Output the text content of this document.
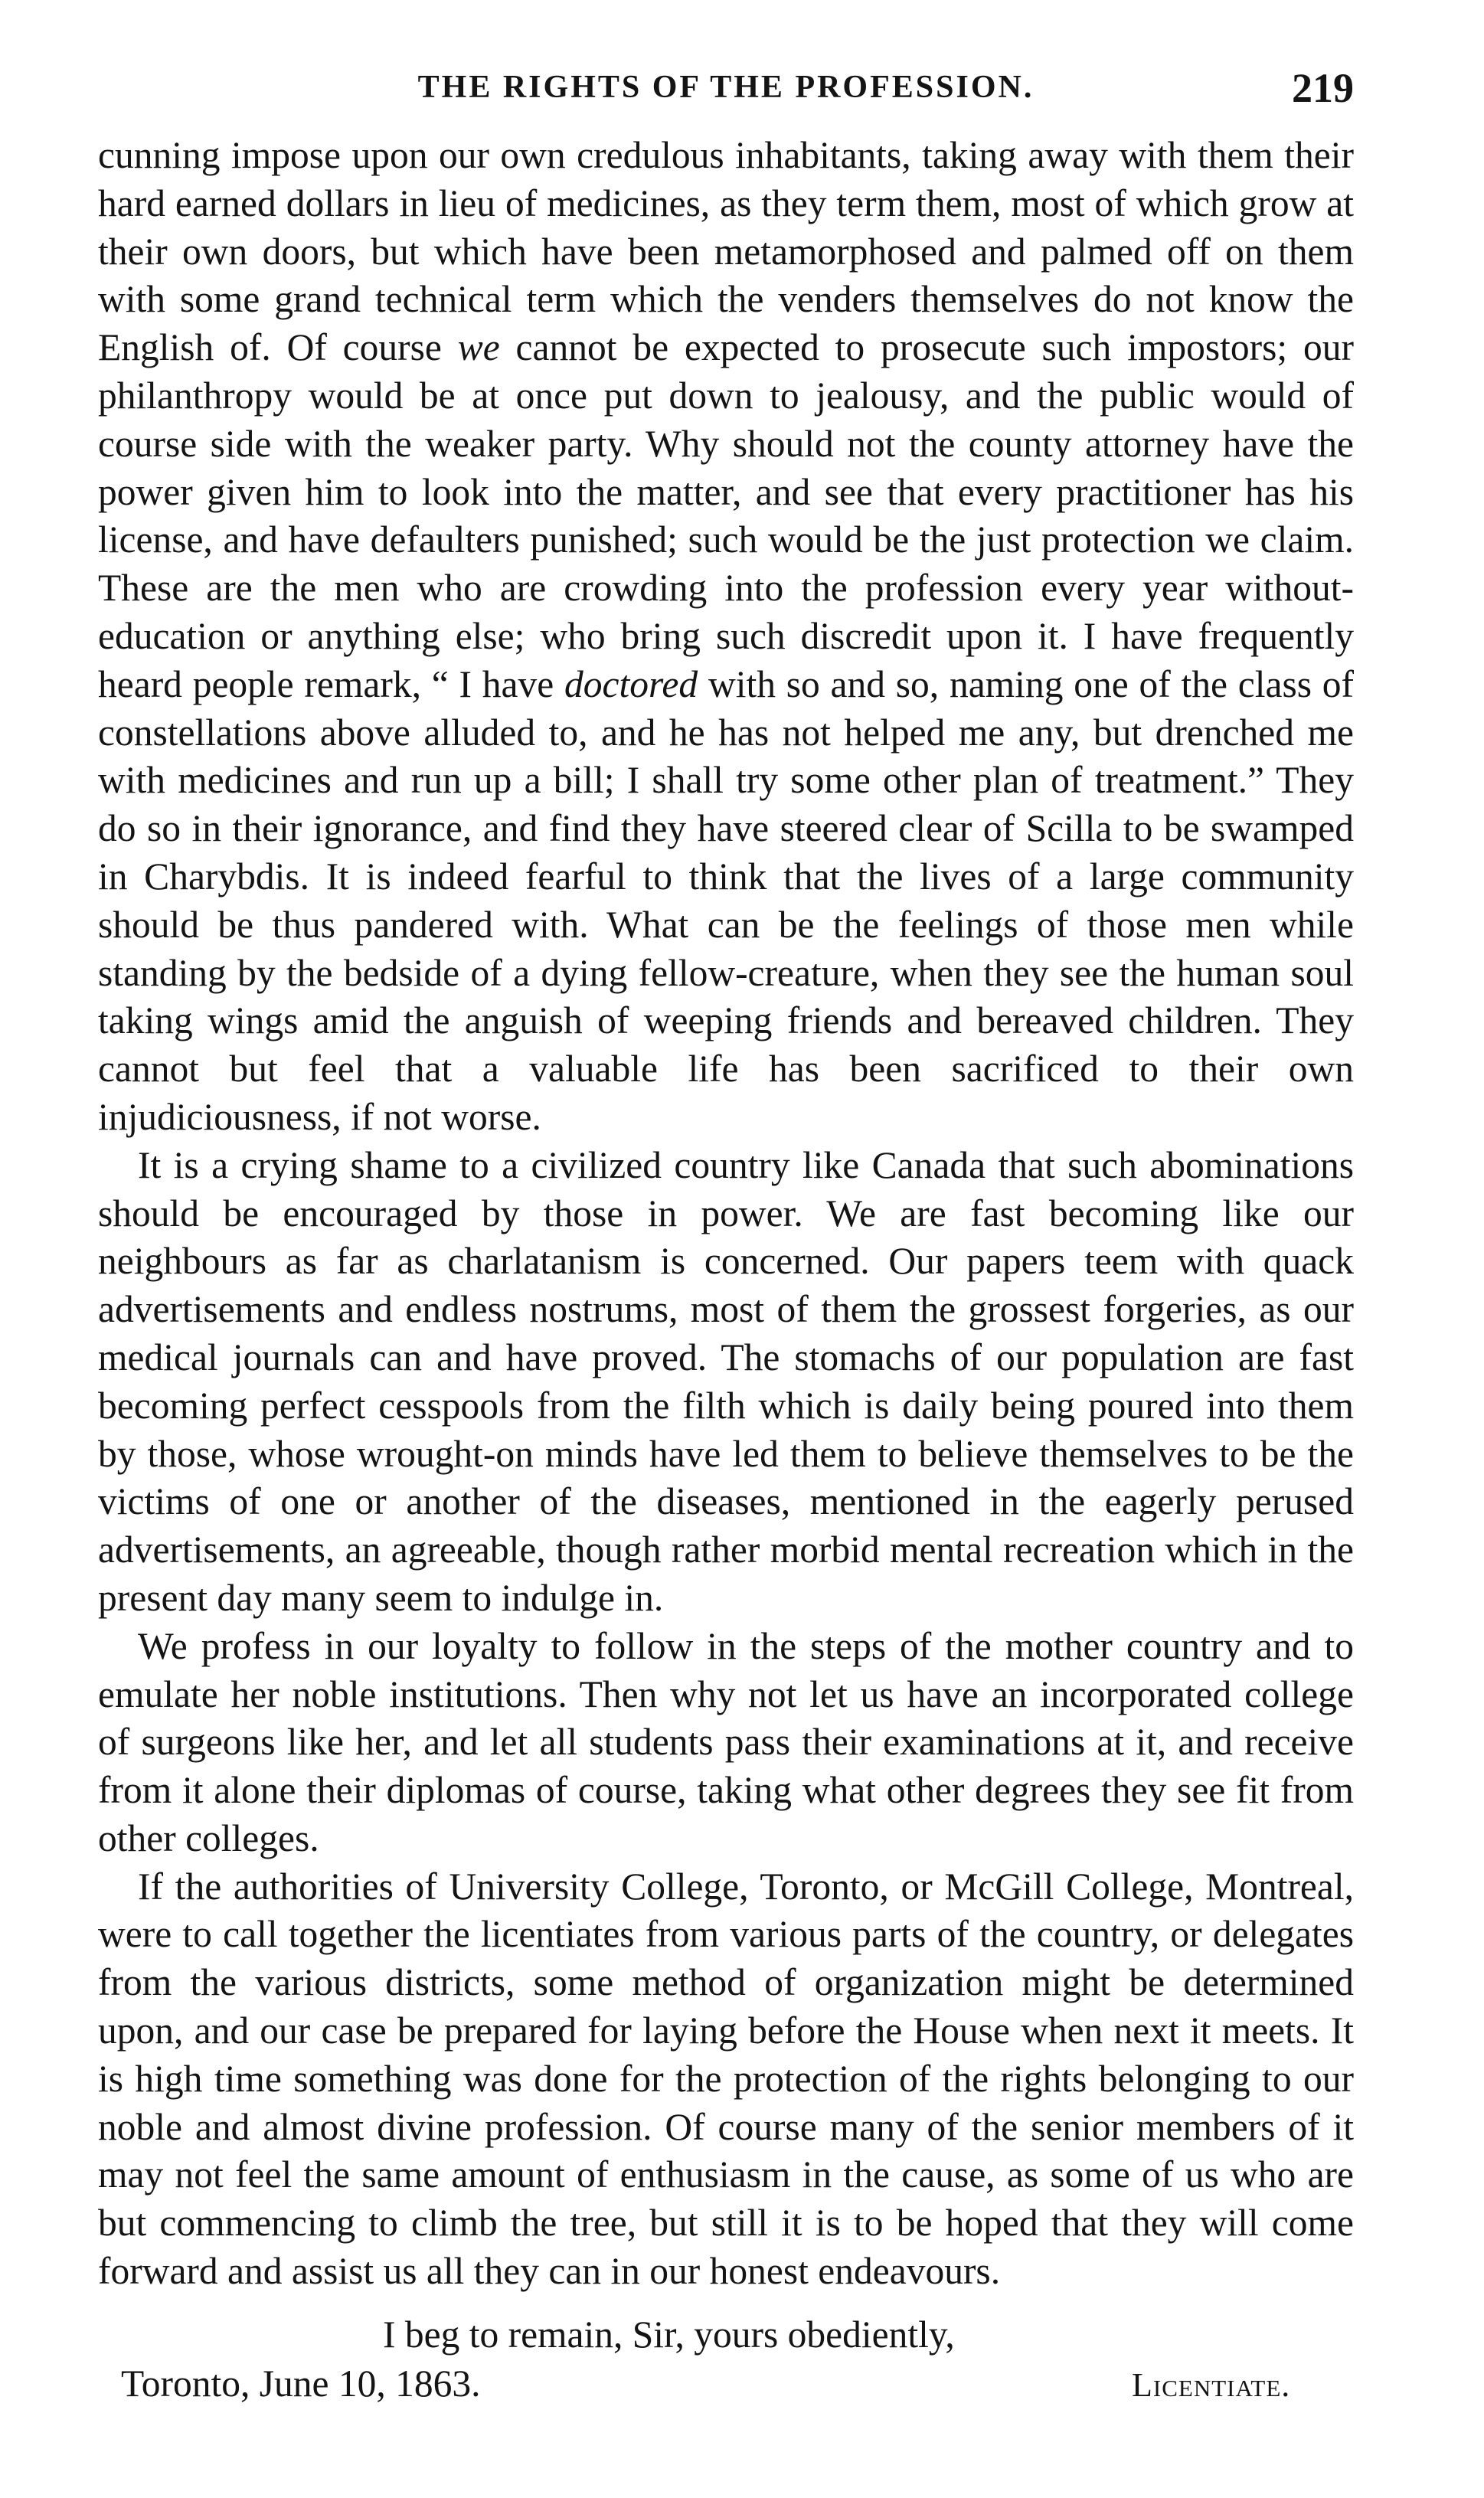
THE RIGHTS OF THE PROFESSION.	219

cunning impose upon our own credulous inhabitants, taking away with them their hard earned dollars in lieu of medicines, as they term them, most of which grow at their own doors, but which have been metamorphosed and palmed off on them with some grand technical term which the venders themselves do not know the English of. Of course we cannot be expected to prosecute such impostors; our philanthropy would be at once put down to jealousy, and the public would of course side with the weaker party. Why should not the county attorney have the power given him to look into the matter, and see that every practitioner has his license, and have defaulters punished; such would be the just protection we claim. These are the men who are crowding into the profession every year without-education or anything else; who bring such discredit upon it. I have frequently heard people remark, “ I have doctored with so and so, naming one of the class of constellations above alluded to, and he has not helped me any, but drenched me with medicines and run up a bill; I shall try some other plan of treatment.” They do so in their ignorance, and find they have steered clear of Scilla to be swamped in Charybdis. It is indeed fearful to think that the lives of a large community should be thus pandered with. What can be the feelings of those men while standing by the bedside of a dying fellow-creature, when they see the human soul taking wings amid the anguish of weeping friends and bereaved children. They cannot but feel that a valuable life has been sacrificed to their own injudiciousness, if not worse.

It is a crying shame to a civilized country like Canada that such abominations should be encouraged by those in power. We are fast becoming like our neighbours as far as charlatanism is concerned. Our papers teem with quack advertisements and endless nostrums, most of them the grossest forgeries, as our medical journals can and have proved. The stomachs of our population are fast becoming perfect cesspools from the filth which is daily being poured into them by those, whose wrought-on minds have led them to believe themselves to be the victims of one or another of the diseases, mentioned in the eagerly perused advertisements, an agreeable, though rather morbid mental recreation which in the present day many seem to indulge in.

We profess in our loyalty to follow in the steps of the mother country and to emulate her noble institutions. Then why not let us have an incorporated college of surgeons like her, and let all students pass their examinations at it, and receive from it alone their diplomas of course, taking what other degrees they see fit from other colleges.

If the authorities of University College, Toronto, or McGill College, Montreal, were to call together the licentiates from various parts of the country, or delegates from the various districts, some method of organization might be determined upon, and our case be prepared for laying before the House when next it meets. It is high time something was done for the protection of the rights belonging to our noble and almost divine profession. Of course many of the senior members of it may not feel the same amount of enthusiasm in the cause, as some of us who are but commencing to climb the tree, but still it is to be hoped that they will come forward and assist us all they can in our honest endeavours.

I beg to remain, Sir, yours obediently,
Toronto, June 10, 1863.	Licentiate.
